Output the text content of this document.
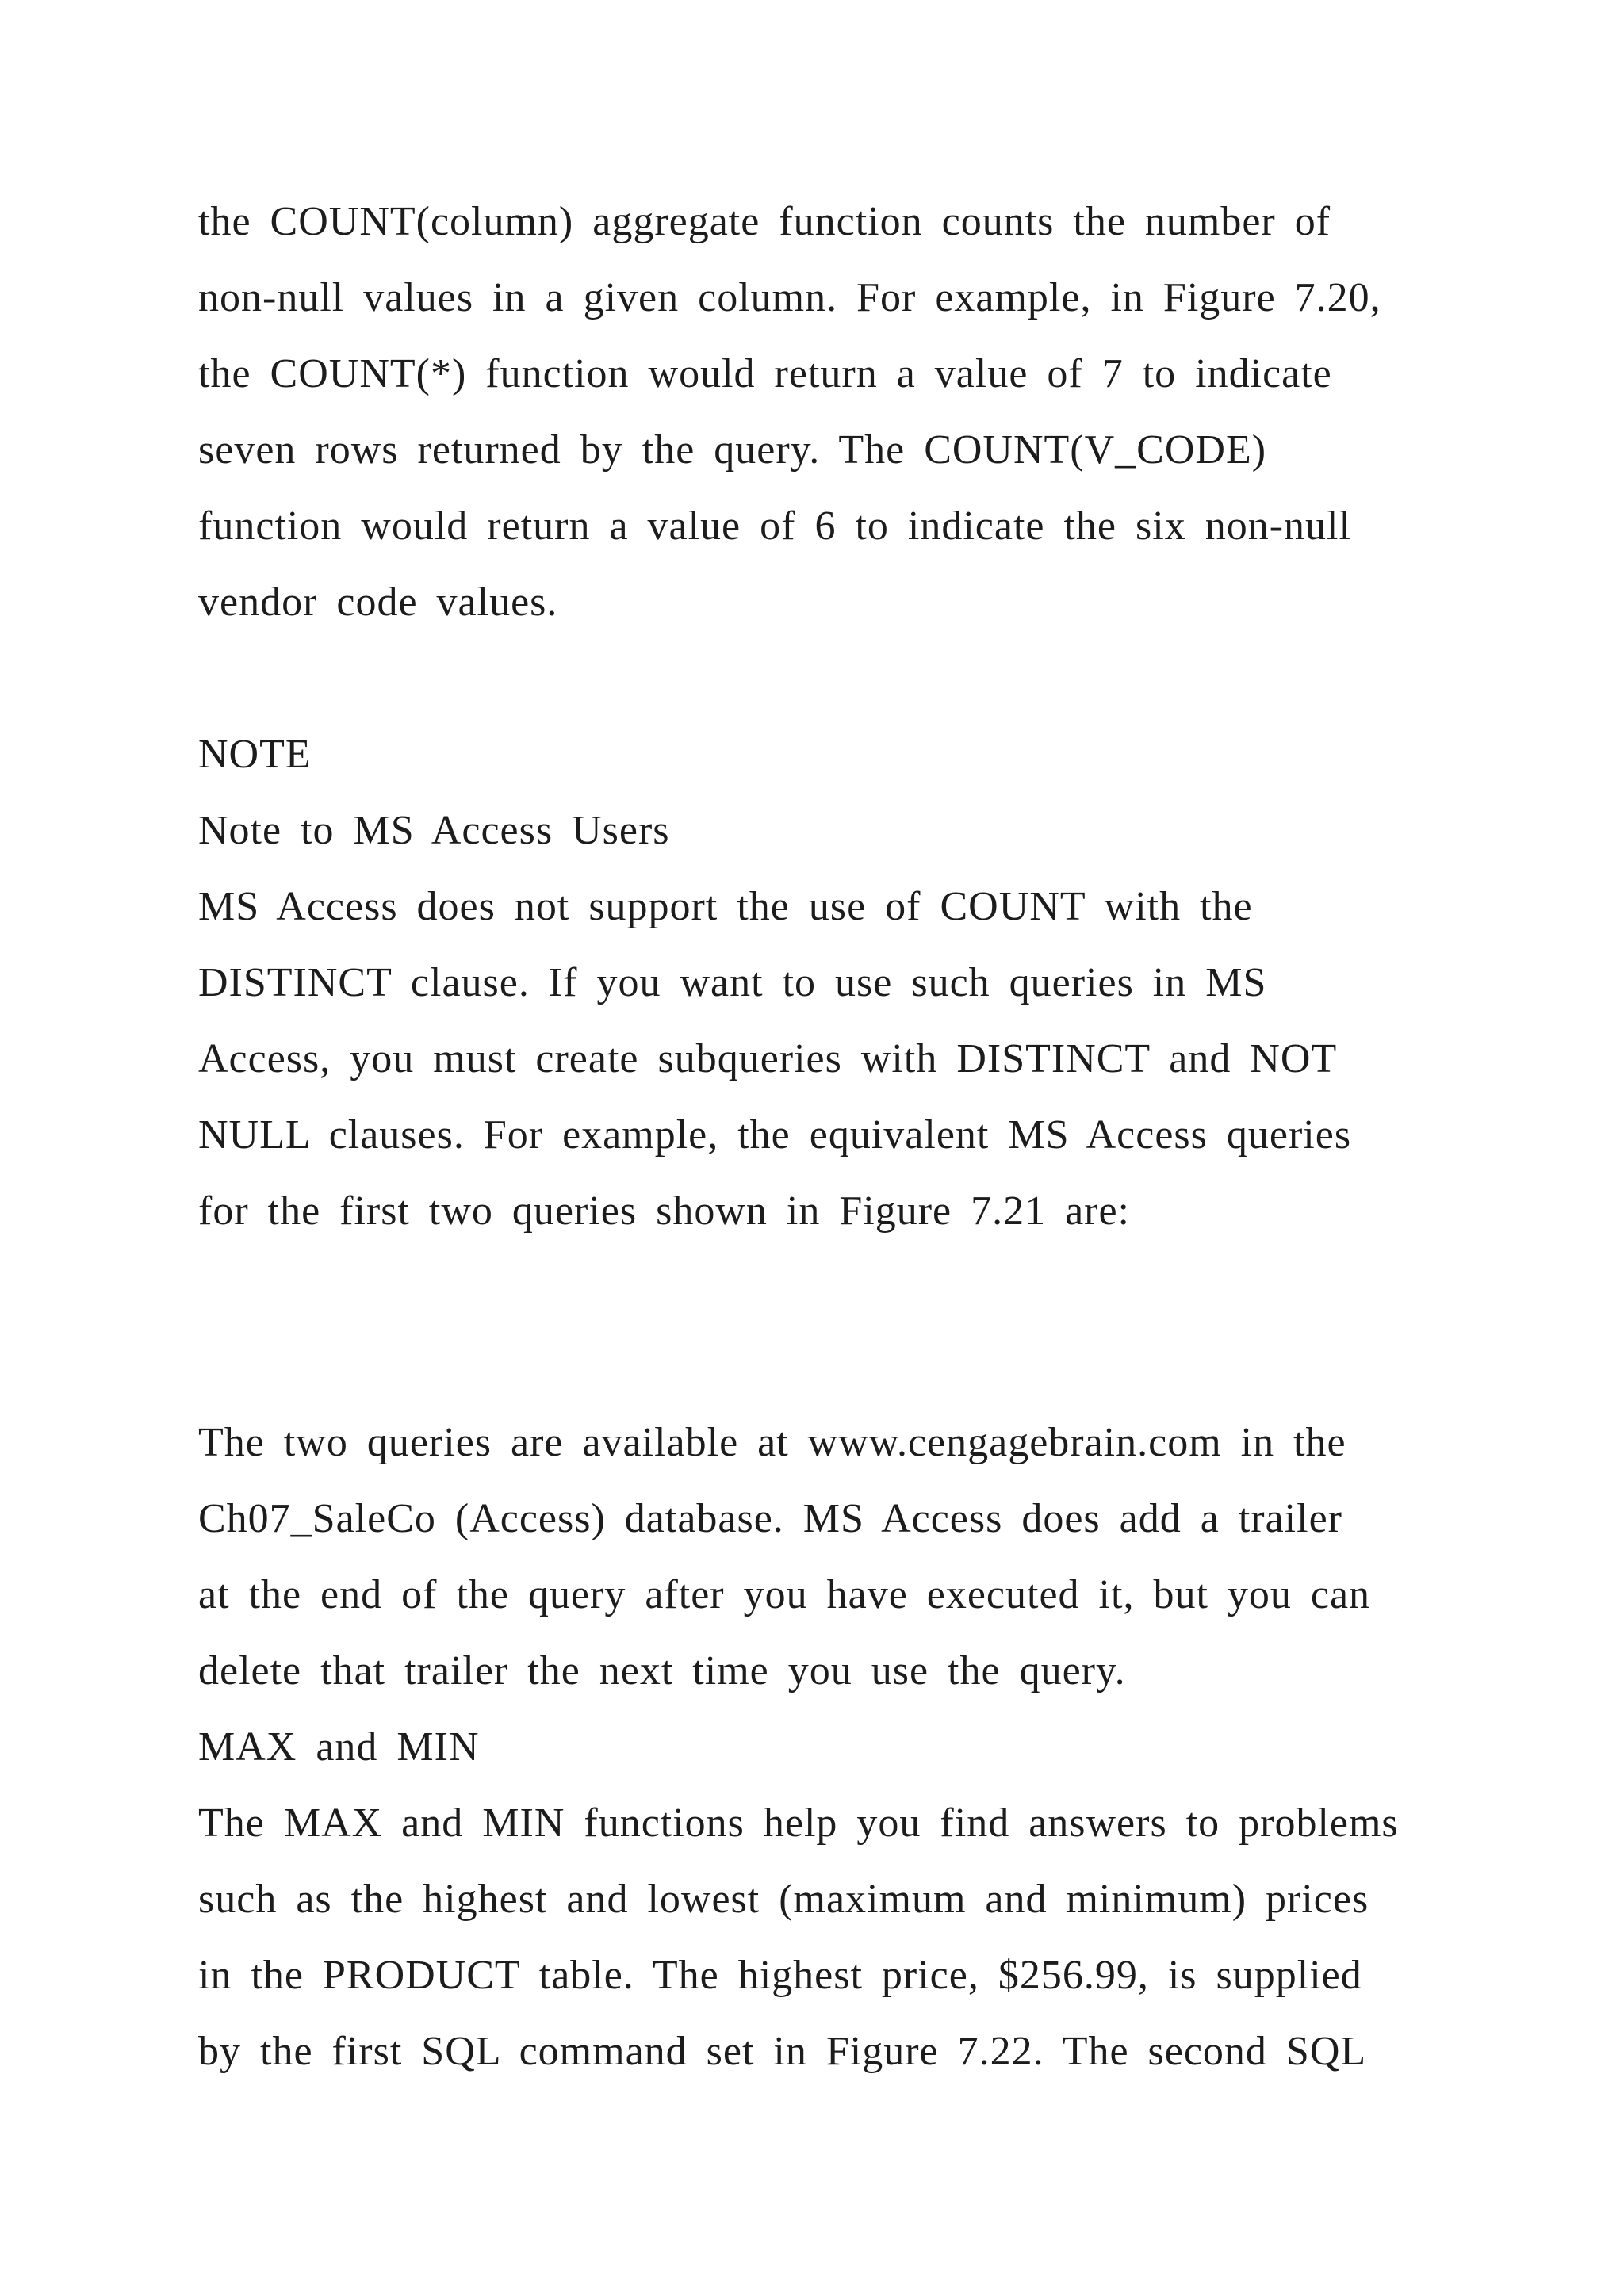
the COUNT(column) aggregate function counts the number of

non-null values in a given column. For example, in Figure 7.20,

the COUNT(*) function would return a value of 7 to indicate

seven rows returned by the query. The COUNT(V_CODE)

function would return a value of 6 to indicate the six non-null

vendor code values.

NOTE

Note to MS Access Users

MS Access does not support the use of COUNT with the

DISTINCT clause. If you want to use such queries in MS

Access, you must create subqueries with DISTINCT and NOT

NULL clauses. For example, the equivalent MS Access queries

for the first two queries shown in Figure 7.21 are:

The two queries are available at www.cengagebrain.com in the

Ch07_SaleCo (Access) database. MS Access does add a trailer

at the end of the query after you have executed it, but you can

delete that trailer the next time you use the query.

MAX and MIN

The MAX and MIN functions help you find answers to problems

such as the highest and lowest (maximum and minimum) prices

in the PRODUCT table. The highest price, $256.99, is supplied

by the first SQL command set in Figure 7.22. The second SQL
